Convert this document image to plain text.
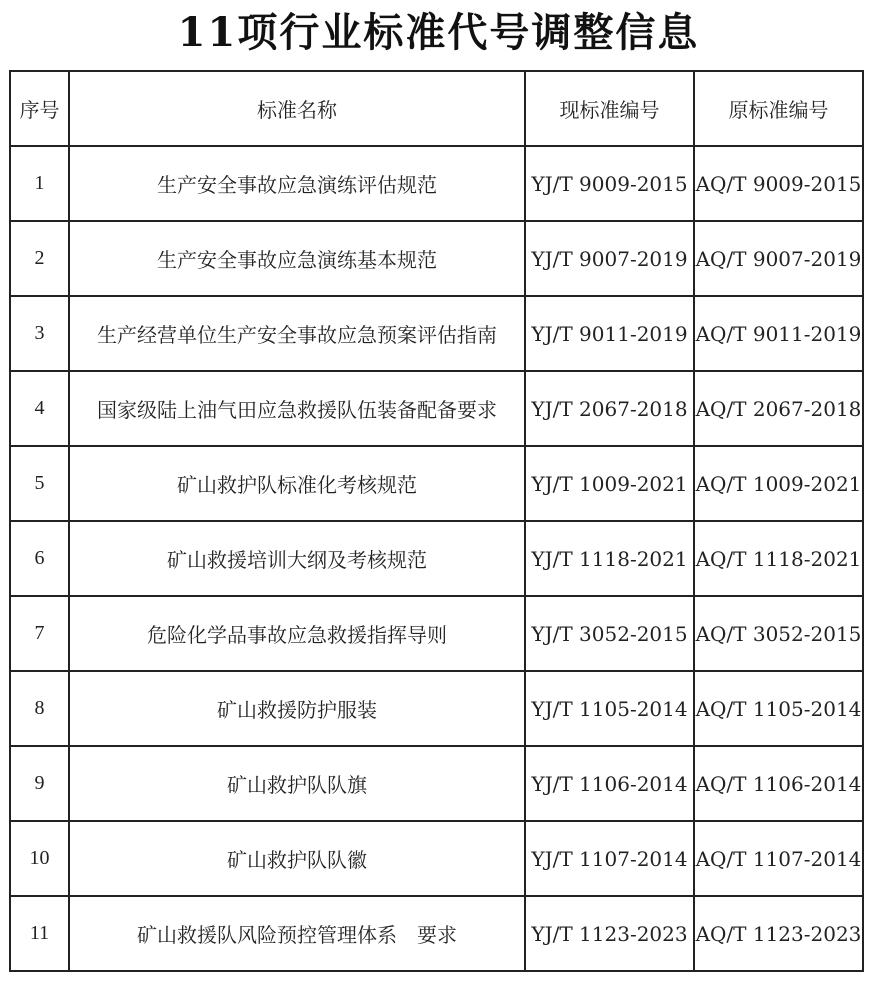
11项行业标准代号调整信息
序号	标准名称	现标准编号	原标准编号
1	生产安全事故应急演练评估规范	YJ/T 9009-2015	AQ/T 9009-2015
2	生产安全事故应急演练基本规范	YJ/T 9007-2019	AQ/T 9007-2019
3	生产经营单位生产安全事故应急预案评估指南	YJ/T 9011-2019	AQ/T 9011-2019
4	国家级陆上油气田应急救援队伍装备配备要求	YJ/T 2067-2018	AQ/T 2067-2018
5	矿山救护队标准化考核规范	YJ/T 1009-2021	AQ/T 1009-2021
6	矿山救援培训大纲及考核规范	YJ/T 1118-2021	AQ/T 1118-2021
7	危险化学品事故应急救援指挥导则	YJ/T 3052-2015	AQ/T 3052-2015
8	矿山救援防护服装	YJ/T 1105-2014	AQ/T 1105-2014
9	矿山救护队队旗	YJ/T 1106-2014	AQ/T 1106-2014
10	矿山救护队队徽	YJ/T 1107-2014	AQ/T 1107-2014
11	矿山救援队风险预控管理体系　要求	YJ/T 1123-2023	AQ/T 1123-2023
